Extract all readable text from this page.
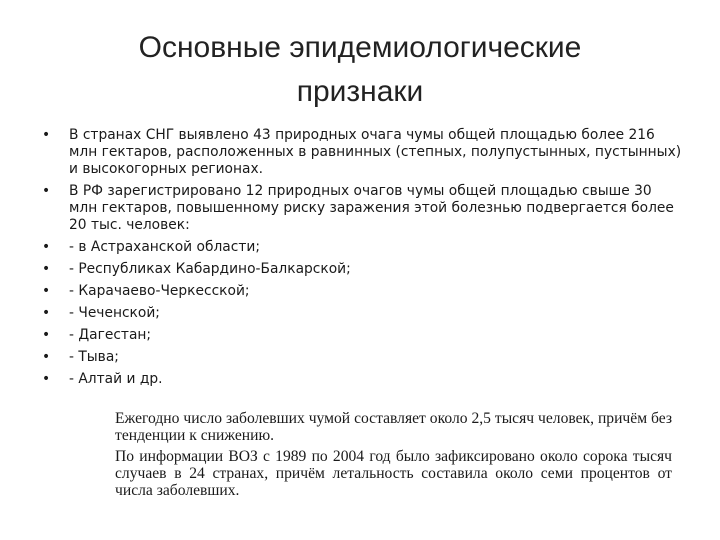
Основные эпидемиологические
признаки
•	В странах СНГ выявлено 43 природных очага чумы общей площадью более 216 млн гектаров, расположенных в равнинных (степных, полупустынных, пустынных) и высокогорных регионах.
•	В РФ зарегистрировано 12 природных очагов чумы общей площадью свыше 30 млн гектаров, повышенному риску заражения этой болезнью подвергается более 20 тыс. человек:
•	- в Астраханской области;
•	- Республиках Кабардино-Балкарской;
•	- Карачаево-Черкесской;
•	- Чеченской;
•	- Дагестан;
•	- Тыва;
•	- Алтай и др.

Ежегодно число заболевших чумой составляет около 2,5 тысяч человек, причём без тенденции к снижению.

По информации ВОЗ с 1989 по 2004 год было зафиксировано около сорока тысяч случаев в 24 странах, причём летальность составила около семи процентов от числа заболевших.
